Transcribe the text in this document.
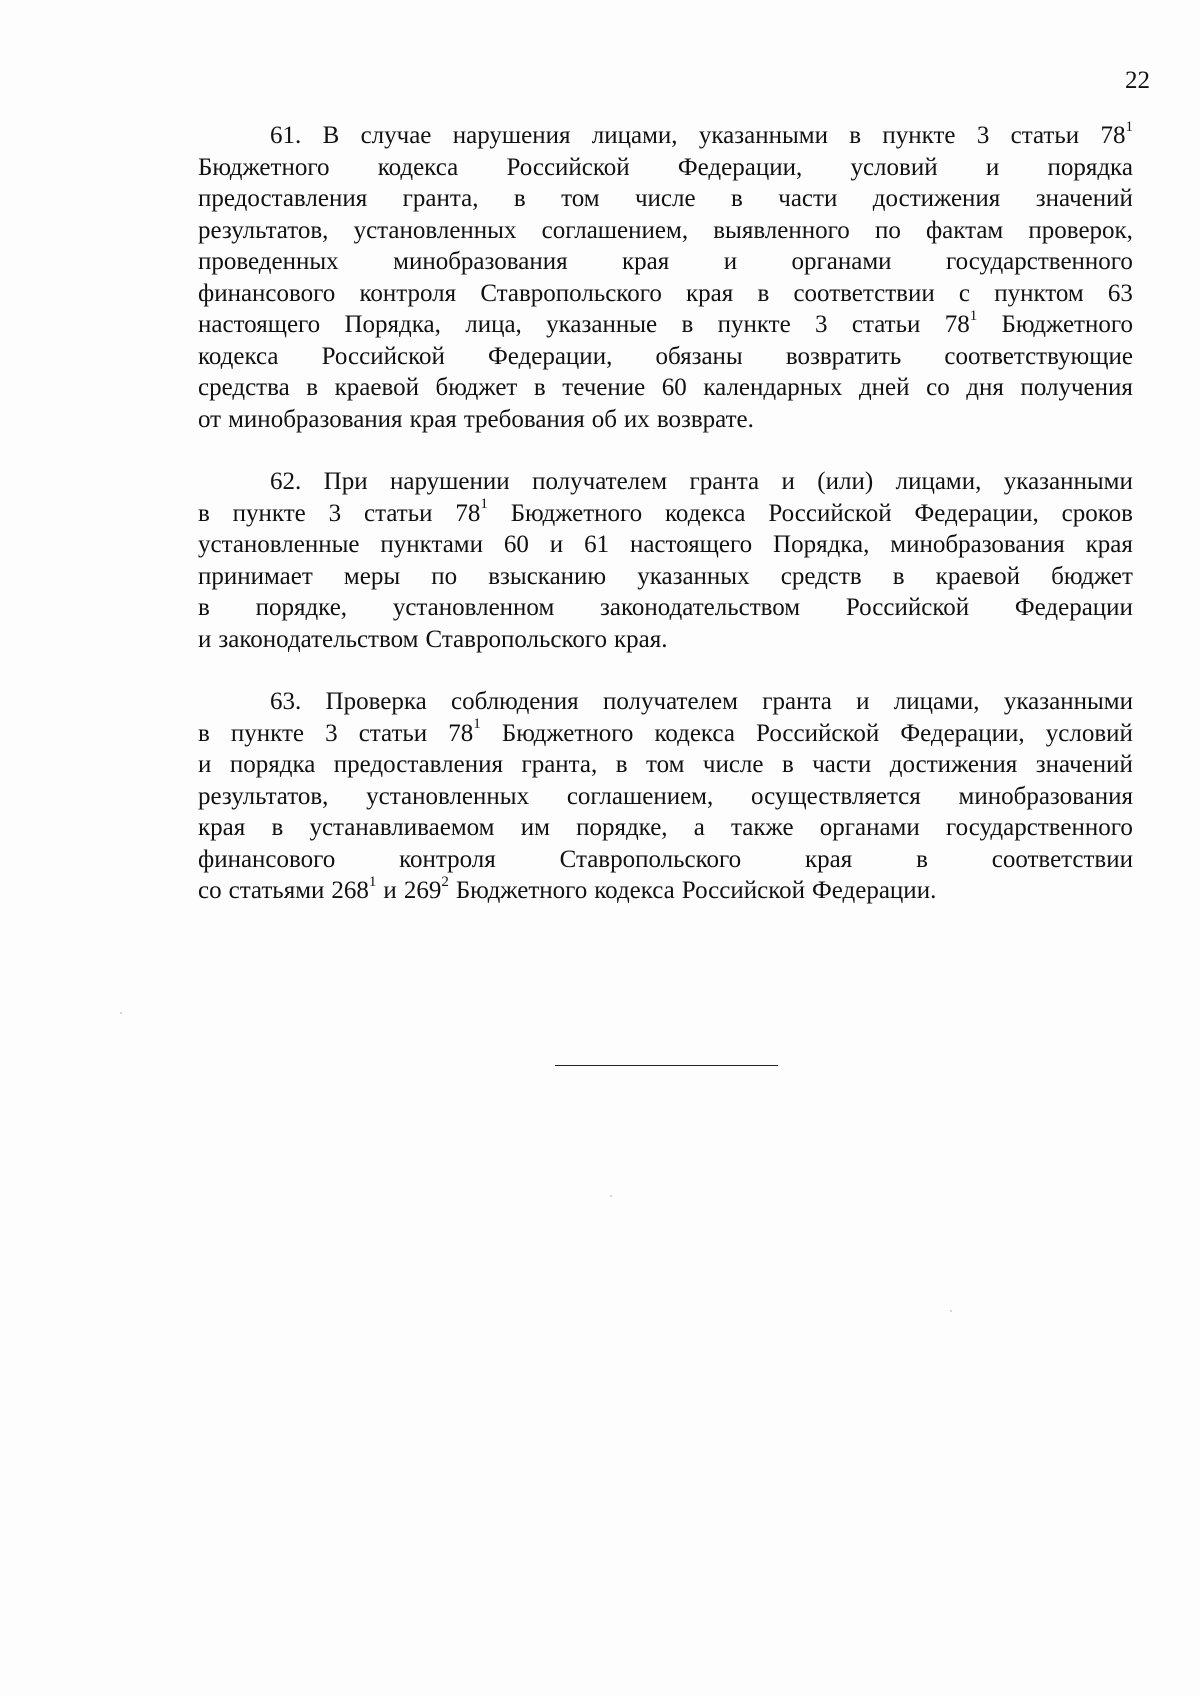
22
61. В случае нарушения лицами, указанными в пункте 3 статьи $78^1$
Бюджетного кодекса Российской Федерации, условий и порядка
предоставления гранта, в том числе в части достижения значений
результатов, установленных соглашением, выявленного по фактам проверок,
проведенных минобразования края и органами государственного
финансового контроля Ставропольского края в соответствии с пунктом 63
настоящего Порядка, лица, указанные в пункте 3 статьи $78^1$ Бюджетного
кодекса Российской Федерации, обязаны возвратить соответствующие
средства в краевой бюджет в течение 60 календарных дней со дня получения
от минобразования края требования об их возврате.
62. При нарушении получателем гранта и (или) лицами, указанными
в пункте 3 статьи $78^1$ Бюджетного кодекса Российской Федерации, сроков
установленные пунктами 60 и 61 настоящего Порядка, минобразования края
принимает меры по взысканию указанных средств в краевой бюджет
в порядке, установленном законодательством Российской Федерации
и законодательством Ставропольского края.
63. Проверка соблюдения получателем гранта и лицами, указанными
в пункте 3 статьи $78^1$ Бюджетного кодекса Российской Федерации, условий
и порядка предоставления гранта, в том числе в части достижения значений
результатов, установленных соглашением, осуществляется минобразования
края в устанавливаемом им порядке, а также органами государственного
финансового	контроля	Ставропольского	края	в	соответствии
со статьями $268^1$ и $269^2$ Бюджетного кодекса Российской Федерации.
